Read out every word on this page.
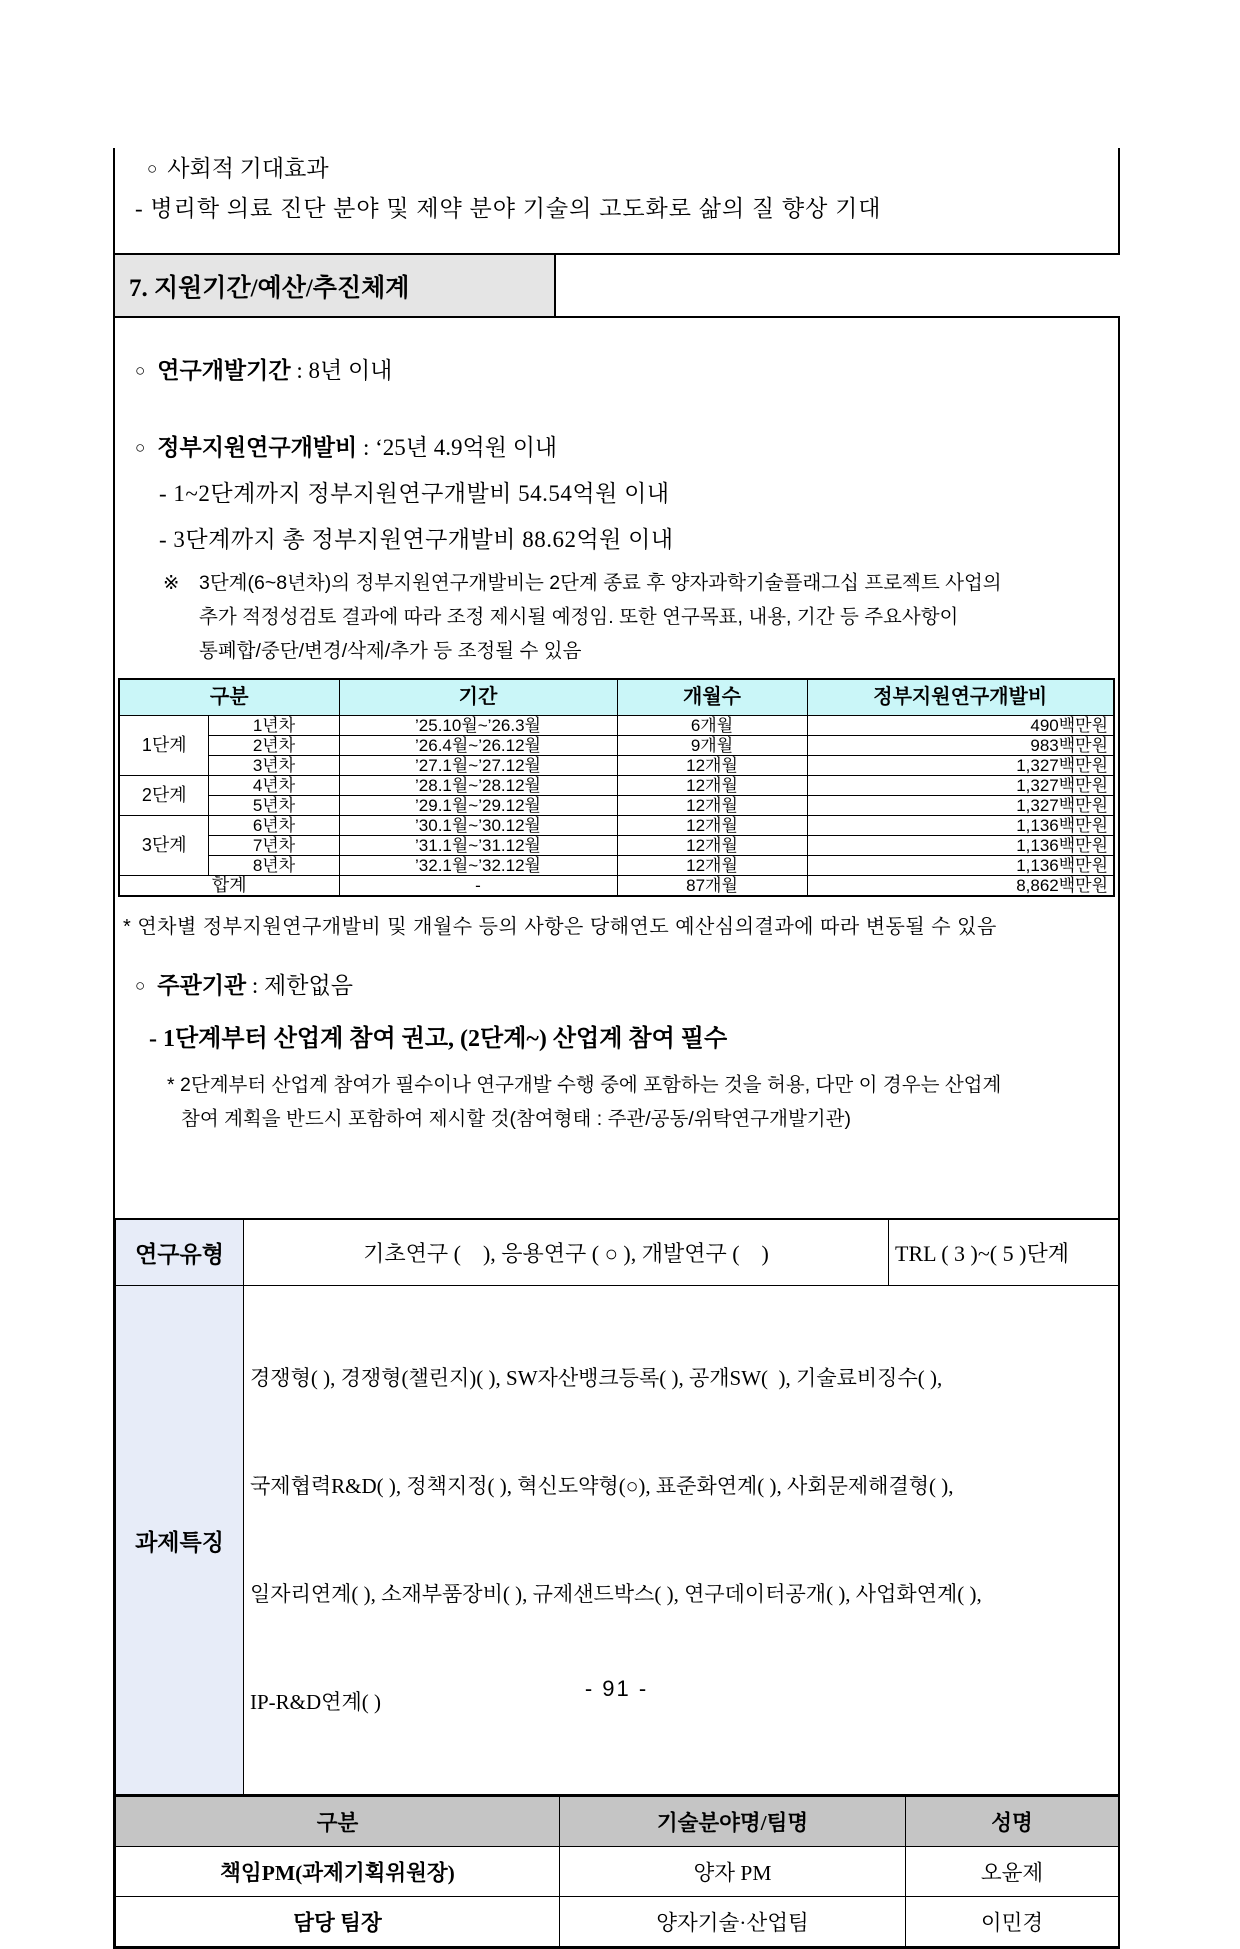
○ 사회적 기대효과
- 병리학 의료 진단 분야 및 제약 분야 기술의 고도화로 삶의 질 향상 기대
7. 지원기간/예산/추진체계
○ 연구개발기간 : 8년 이내
○ 정부지원연구개발비 : ‘25년 4.9억원 이내
- 1~2단계까지 정부지원연구개발비 54.54억원 이내
- 3단계까지 총 정부지원연구개발비 88.62억원 이내
※	3단계(6~8년차)의 정부지원연구개발비는 2단계 종료 후 양자과학기술플래그십 프로젝트 사업의
추가 적정성검토 결과에 따라 조정 제시될 예정임. 또한 연구목표, 내용, 기간 등 주요사항이
통폐합/중단/변경/삭제/추가 등 조정될 수 있음
구분		기간	개월수	정부지원연구개발비
1단계	1년차	’25.10월~’26.3월	6개월	490백만원
	2년차	’26.4월~’26.12월	9개월	983백만원
	3년차	’27.1월~’27.12월	12개월	1,327백만원
2단계	4년차	’28.1월~’28.12월	12개월	1,327백만원
	5년차	’29.1월~’29.12월	12개월	1,327백만원
3단계	6년차	’30.1월~’30.12월	12개월	1,136백만원
	7년차	’31.1월~’31.12월	12개월	1,136백만원
	8년차	’32.1월~’32.12월	12개월	1,136백만원
합계		-	87개월	8,862백만원
* 연차별 정부지원연구개발비 및 개월수 등의 사항은 당해연도 예산심의결과에 따라 변동될 수 있음
○ 주관기관 : 제한없음
- 1단계부터 산업계 참여 권고, (2단계~) 산업계 참여 필수
* 2단계부터 산업계 참여가 필수이나 연구개발 수행 중에 포함하는 것을 허용, 다만 이 경우는 산업계
참여 계획을 반드시 포함하여 제시할 것(참여형태 : 주관/공동/위탁연구개발기관)
연구유형	기초연구 (    ), 응용연구 ( ○ ), 개발연구 (    )	TRL ( 3 )~( 5 )단계
과제특징	경쟁형( ), 경쟁형(챌린지)( ), SW자산뱅크등록( ), 공개SW(  ), 기술료비징수( ),

국제협력R&D( ), 정책지정( ), 혁신도약형(○), 표준화연계( ), 사회문제해결형( ),

일자리연계( ), 소재부품장비( ), 규제샌드박스( ), 연구데이터공개( ), 사업화연계( ),

IP-R&D연계( )	

구분	기술분야명/팀명	성명
책임PM(과제기획위원장)	양자 PM	오윤제
담당 팀장	양자기술·산업팀	이민경
- 91 -
